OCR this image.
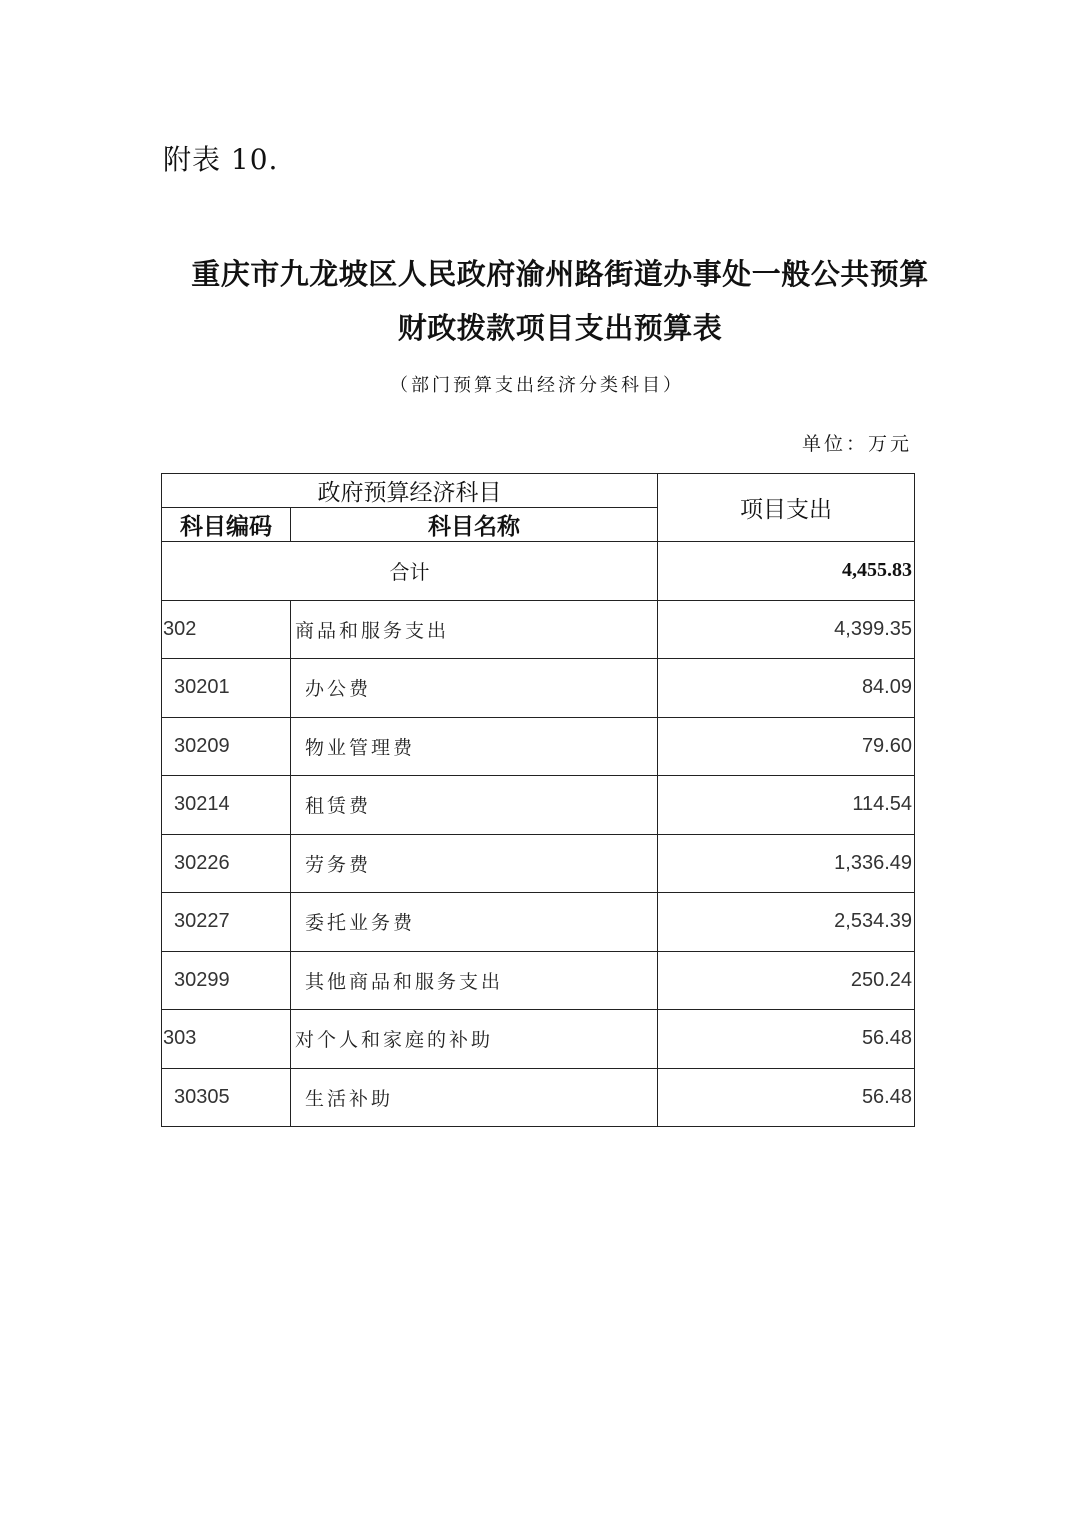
附表 10.
重庆市九龙坡区人民政府渝州路街道办事处一般公共预算
财政拨款项目支出预算表
（部门预算支出经济分类科目）
单位：万元
政府预算经济科目		项目支出
科目编码	科目名称	
合计		4,455.83
302	商品和服务支出	4,399.35
30201	办公费	84.09
30209	物业管理费	79.60
30214	租赁费	114.54
30226	劳务费	1,336.49
30227	委托业务费	2,534.39
30299	其他商品和服务支出	250.24
303	对个人和家庭的补助	56.48
30305	生活补助	56.48
